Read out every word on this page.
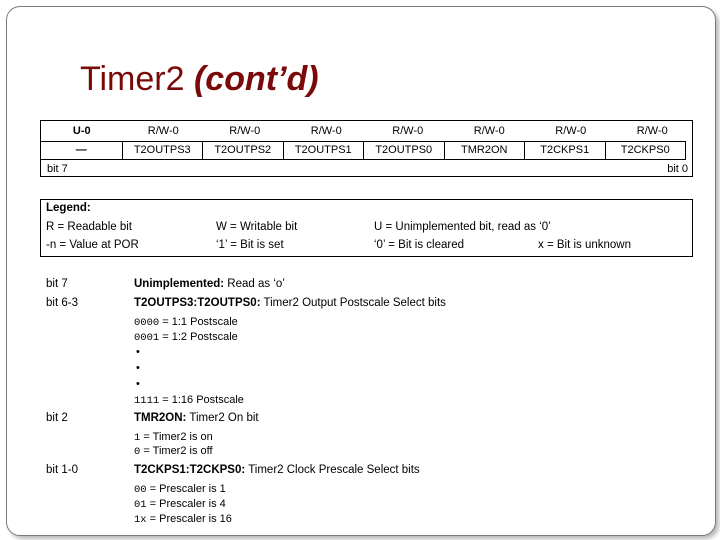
Timer2 (cont’d)
U-0	R/W-0	R/W-0	R/W-0	R/W-0	R/W-0	R/W-0	R/W-0
—	T2OUTPS3	T2OUTPS2	T2OUTPS1	T2OUTPS0	TMR2ON	T2CKPS1	T2CKPS0
bit 7	bit 0
Legend:
R = Readable bit	W = Writable bit	U = Unimplemented bit, read as ‘0’
-n = Value at POR	‘1’ = Bit is set	‘0’ = Bit is cleared	x = Bit is unknown
bit 7	Unimplemented: Read as ‘o’
bit 6-3	T2OUTPS3:T2OUTPS0: Timer2 Output Postscale Select bits
0000 = 1:1 Postscale
0001 = 1:2 Postscale
•
•
•
1111 = 1:16 Postscale
bit 2	TMR2ON: Timer2 On bit
1 = Timer2 is on
0 = Timer2 is off
bit 1-0	T2CKPS1:T2CKPS0: Timer2 Clock Prescale Select bits
00 = Prescaler is 1
01 = Prescaler is 4
1x = Prescaler is 16
